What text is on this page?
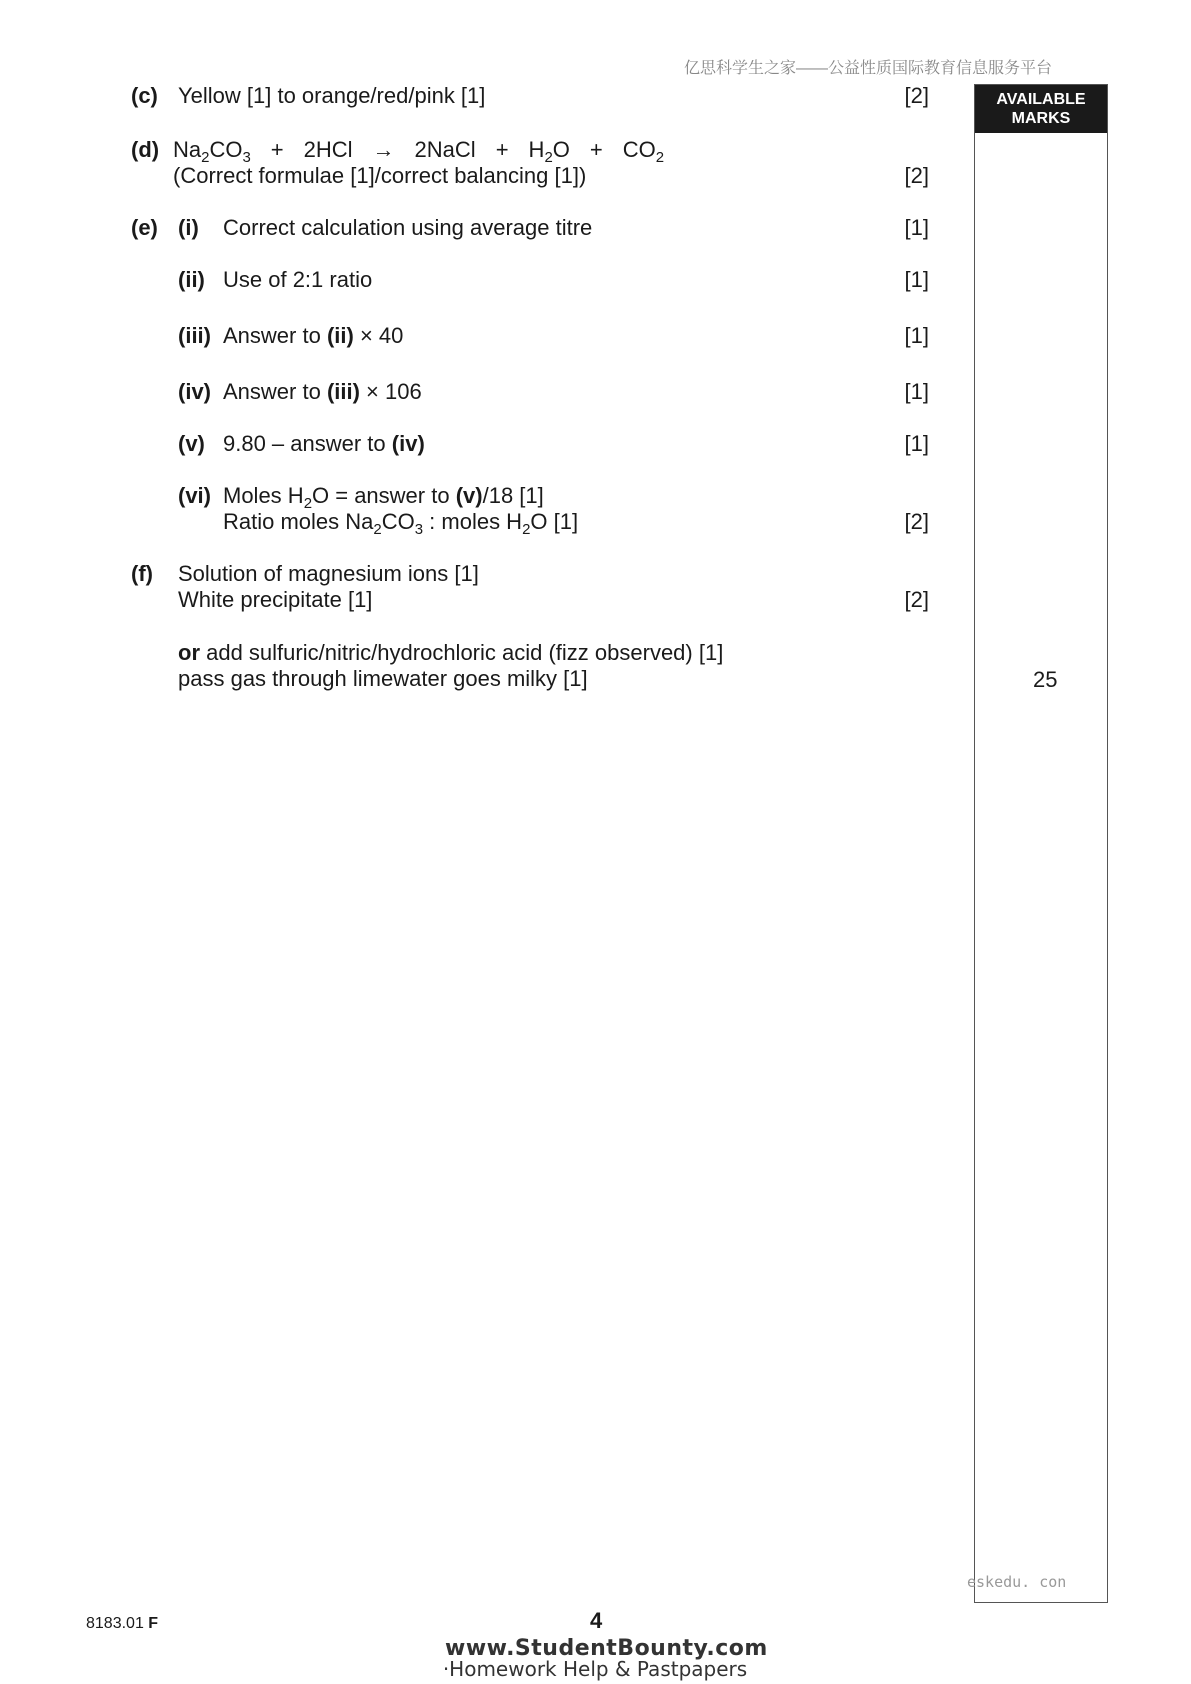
亿思科学生之家——公益性质国际教育信息服务平台
AVAILABLE
MARKS
25
(c) Yellow [1] to orange/red/pink [1]	[2]
(d) $Na_2CO_3 + 2HCl$ → 2NaCl + $H_2O + CO_2$
(Correct formulae [1]/correct balancing [1])	[2]
(e) (i) Correct calculation using average titre	[1]
(ii) Use of 2:1 ratio	[1]
(iii) Answer to (ii) × 40	[1]
(iv) Answer to (iii) × 106	[1]
(v) 9.80 – answer to (iv)	[1]
(vi) Moles $H_2O$ = answer to (v)/18 [1]
Ratio moles $Na_2CO_3$ : moles $H_2O$ [1]	[2]
(f) Solution of magnesium ions [1]
White precipitate [1]	[2]
or add sulfuric/nitric/hydrochloric acid (fizz observed) [1]
pass gas through limewater goes milky [1]
eskedu. con
8183.01 F	4
www.StudentBounty.com
·Homework Help & Pastpapers
